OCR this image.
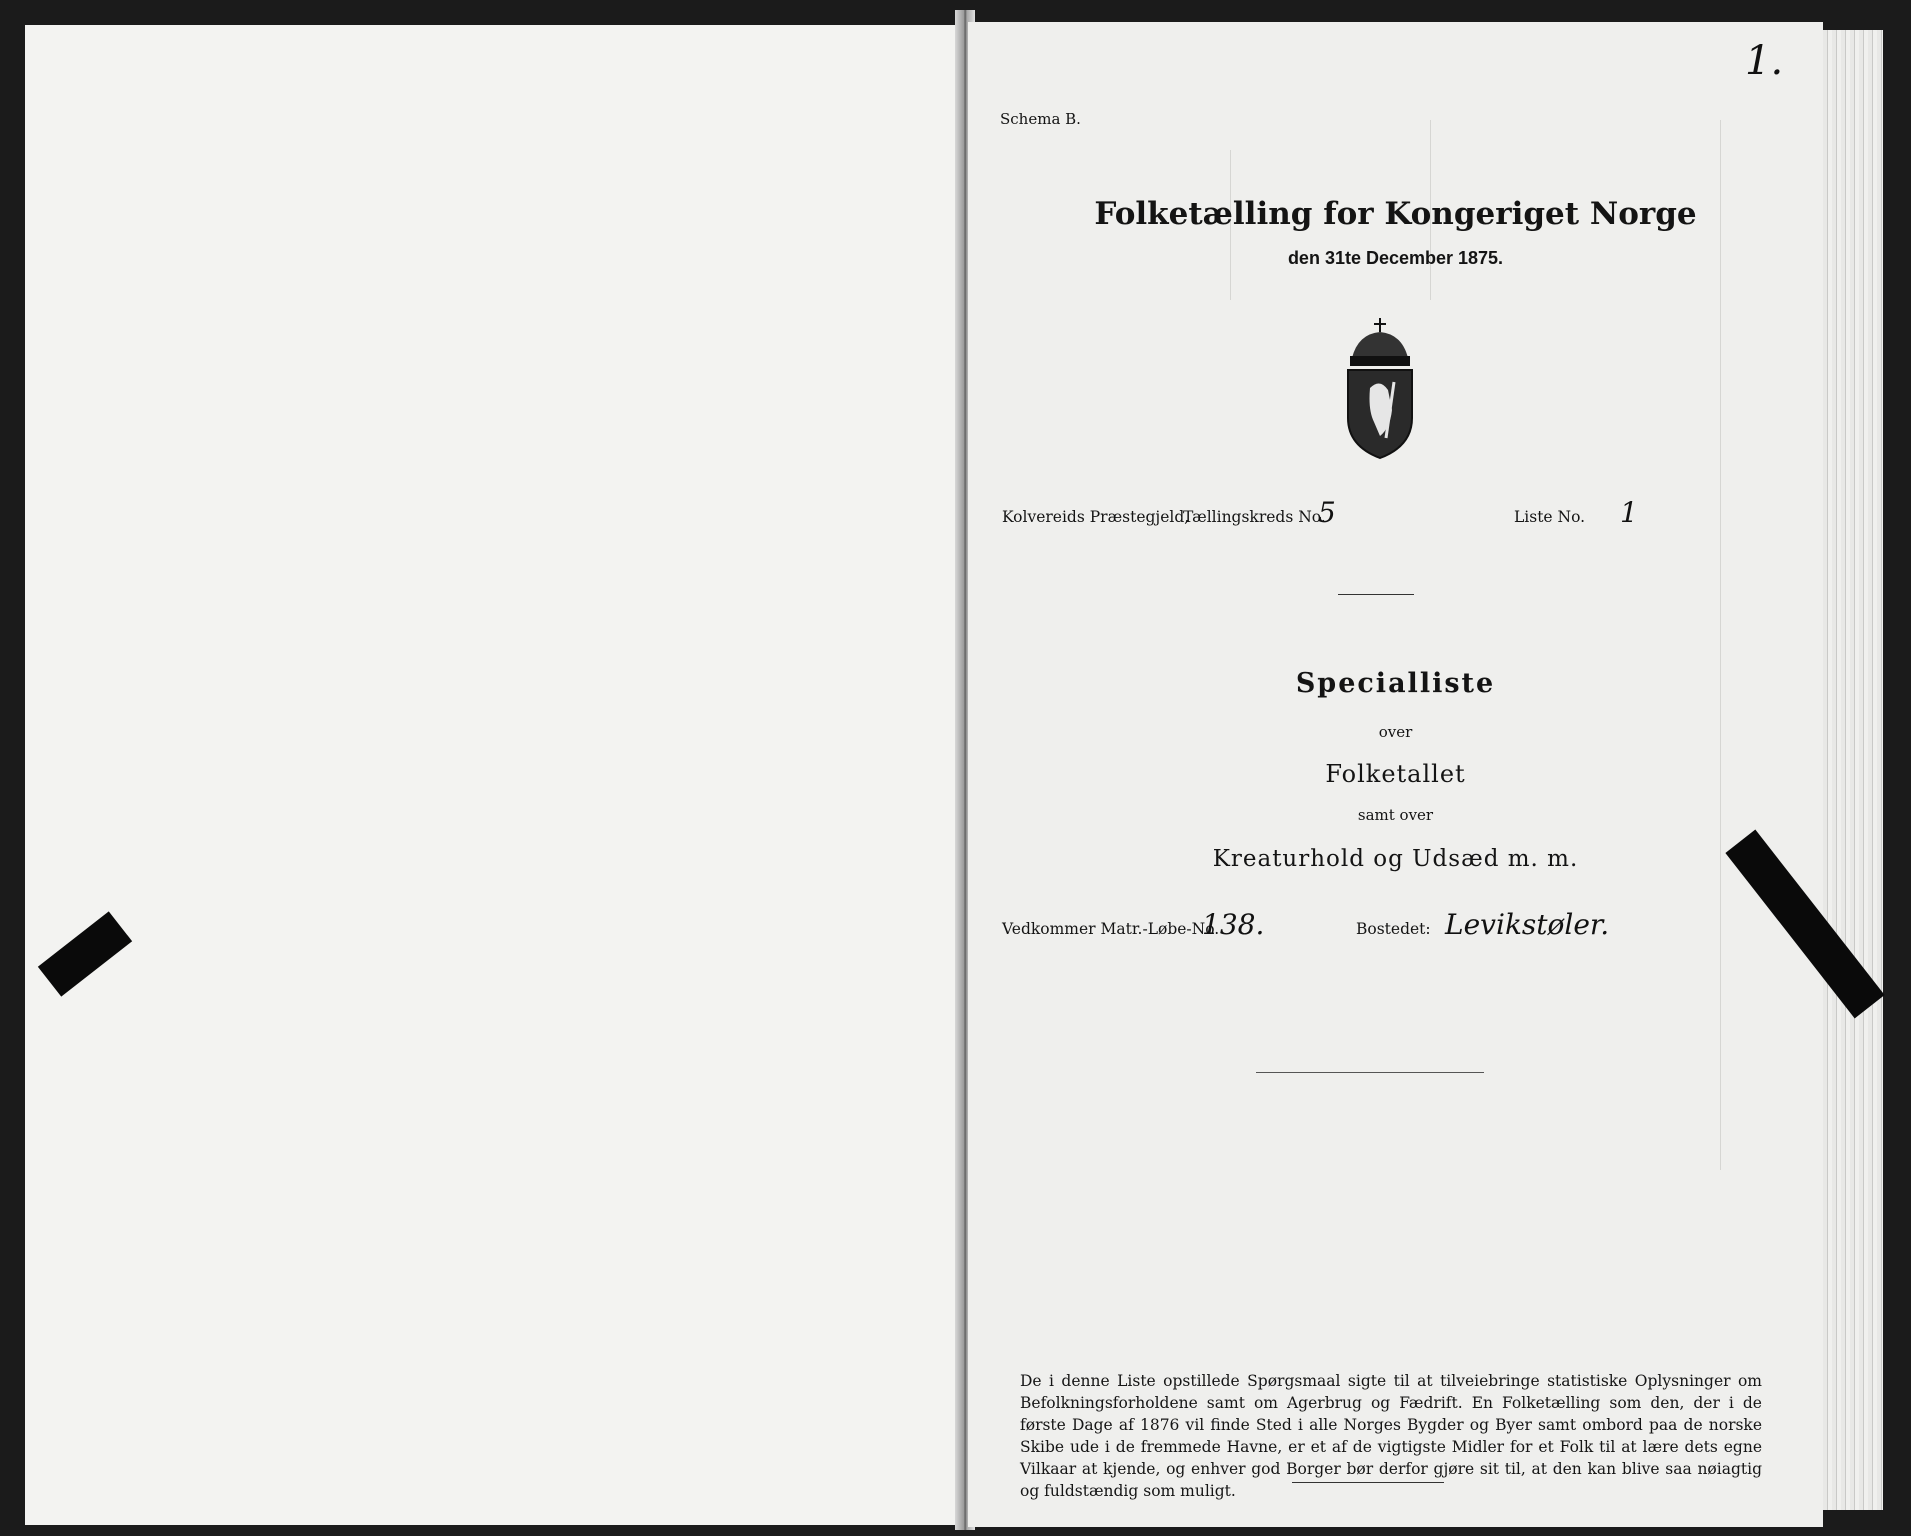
Schema B.
1.
Folketælling for Kongeriget Norge
den 31te December 1875.
Kolvereids Præstegjeld,
Tællingskreds No.
5	Liste No. 1
Specialliste
over
Folketallet
samt over
Kreaturhold og Udsæd m. m.
Vedkommer Matr.-Løbe-No.
138.	Bostedet: Levikstøler.
De i denne Liste opstillede Spørgsmaal sigte til at tilveiebringe statistiske Oplysninger om Befolkningsforholdene samt om Agerbrug og Fædrift. En Folketælling som den, der i de første Dage af 1876 vil finde Sted i alle Norges Bygder og Byer samt ombord paa de norske Skibe ude i de fremmede Havne, er et af de vigtigste Midler for et Folk til at lære dets egne Vilkaar at kjende, og enhver god Borger bør derfor gjøre sit til, at den kan blive saa nøiagtig og fuldstændig som muligt.
